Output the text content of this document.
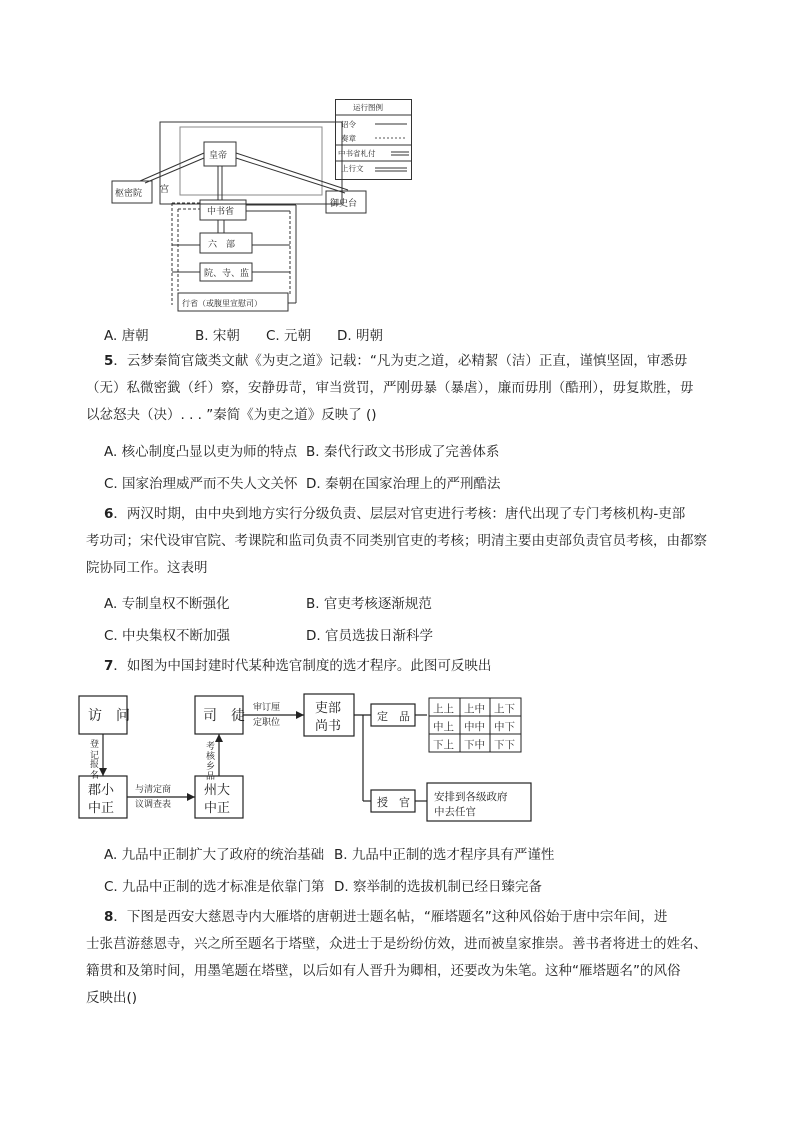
皇帝
枢密院 宫
御史台
中书省
六　部
院、寺、监
行省（或腹里宣慰司）
运行图例
诏令
奏章
中书省札付
上行文
A. 唐朝	B. 宋朝 C. 元朝 D. 明朝
5．云梦秦简官箴类文献《为吏之道》记载：“凡为吏之道，必精絜（洁）正直，谨慎坚固，审悉毋
（无）私微密韱（纤）察，安静毋苛，审当赏罚，严刚毋暴（暴虐），廉而毋刖（酷刑），毋复欺胜，毋
以忿怒夬（决）. . . ”秦简《为吏之道》反映了 ()
A. 核心制度凸显以吏为师的特点 B. 秦代行政文书形成了完善体系
C. 国家治理威严而不失人文关怀 D. 秦朝在国家治理上的严刑酷法
6．两汉时期，由中央到地方实行分级负责、层层对官吏进行考核：唐代出现了专门考核机构-吏部
考功司；宋代设审官院、考课院和监司负责不同类别官吏的考核；明清主要由吏部负责官员考核，由都察
院协同工作。这表明
A. 专制皇权不断强化	B. 官吏考核逐渐规范
C. 中央集权不断加强	D. 官员选拔日渐科学
7．如图为中国封建时代某种选官制度的选才程序。此图可反映出
访　问
郡小
中正
州大
中正
司　徒	吏部
尚书
定　品
授　官 安排到各级政府
中去任官
审订厘
定职位
与清定商
议调查表
登
记
报
名
考
核
乡
品
上上 上中 上下
中上 中中 中下
下上 下中 下下
A. 九品中正制扩大了政府的统治基础 B. 九品中正制的选才程序具有严谨性
C. 九品中正制的选才标准是依靠门第 D. 察举制的选拔机制已经日臻完备
8．下图是西安大慈恩寺内大雁塔的唐朝进士题名帖，“雁塔题名”这种风俗始于唐中宗年间，进
士张莒游慈恩寺，兴之所至题名于塔壁，众进士于是纷纷仿效，进而被皇家推崇。善书者将进士的姓名、
籍贯和及第时间，用墨笔题在塔壁，以后如有人晋升为卿相，还要改为朱笔。这种“雁塔题名”的风俗
反映出()
